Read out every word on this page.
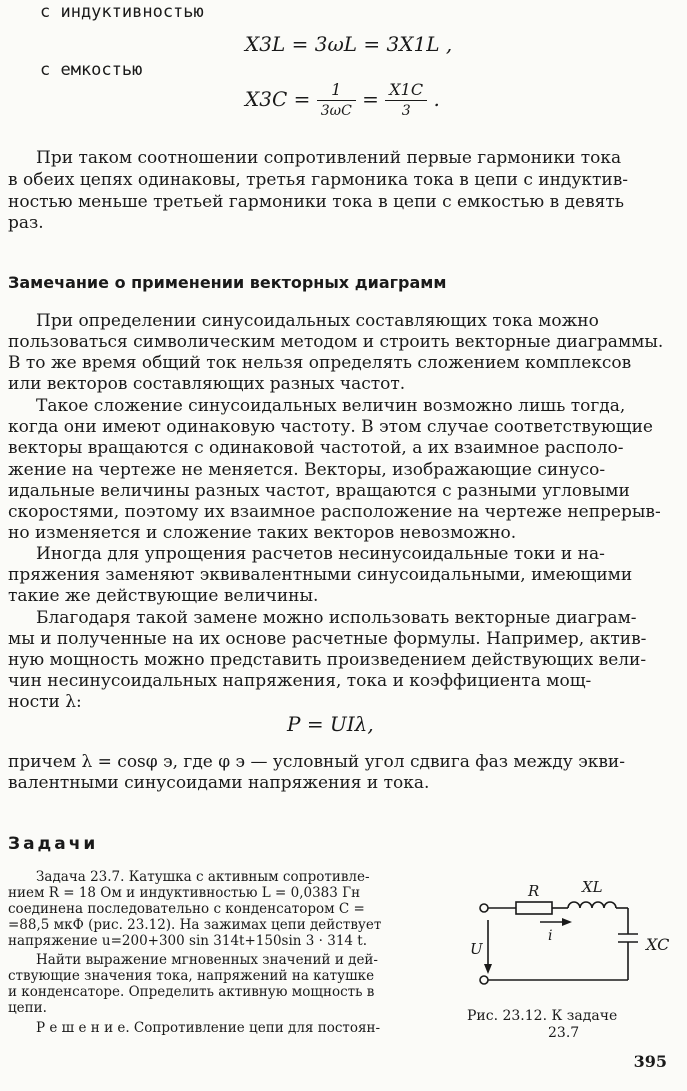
с индуктивностью
X3L = 3ωL = 3X1L ,
с емкостью
$X3C = \frac{1}{3\omega C} = \frac{X1C}{3}$ .
При таком соотношении сопротивлений первые гармоники тока
в обеих цепях одинаковы, третья гармоника тока в цепи с индуктив-
ностью меньше третьей гармоники тока в цепи с емкостью в девять
раз.
Замечание о применении векторных диаграмм
При определении синусоидальных составляющих тока можно
пользоваться символическим методом и строить векторные диаграммы.
В то же время общий ток нельзя определять сложением комплексов
или векторов составляющих разных частот.
Такое сложение синусоидальных величин возможно лишь тогда,
когда они имеют одинаковую частоту. В этом случае соответствующие
векторы вращаются с одинаковой частотой, а их взаимное располо-
жение на чертеже не меняется. Векторы, изображающие синусо-
идальные величины разных частот, вращаются с разными угловыми
скоростями, поэтому их взаимное расположение на чертеже непрерыв-
но изменяется и сложение таких векторов невозможно.
Иногда для упрощения расчетов несинусоидальные токи и на-
пряжения заменяют эквивалентными синусоидальными, имеющими
такие же действующие величины.
Благодаря такой замене можно использовать векторные диаграм-
мы и полученные на их основе расчетные формулы. Например, актив-
ную мощность можно представить произведением действующих вели-
чин несинусоидальных напряжения, тока и коэффициента мощ-
ности λ:
P = UIλ,
причем λ = cosφ э, где φ э — условный угол сдвига фаз между экви-
валентными синусоидами напряжения и тока.
Задачи
Задача 23.7. Катушка с активным сопротивле-
нием R = 18 Ом и индуктивностью L = 0,0383 Гн
соединена последовательно с конденсатором C =
=88,5 мкФ (рис. 23.12). На зажимах цепи действует
напряжение u=200+300 sin 314t+150sin 3 · 314 t.
Найти выражение мгновенных значений и дей-
ствующие значения тока, напряжений на катушке
и конденсаторе. Определить активную мощность в
цепи.
Р е ш е н и е. Сопротивление цепи для постоян-
R	XL
XC
U
i
Рис. 23.12. К задаче
23.7
395
